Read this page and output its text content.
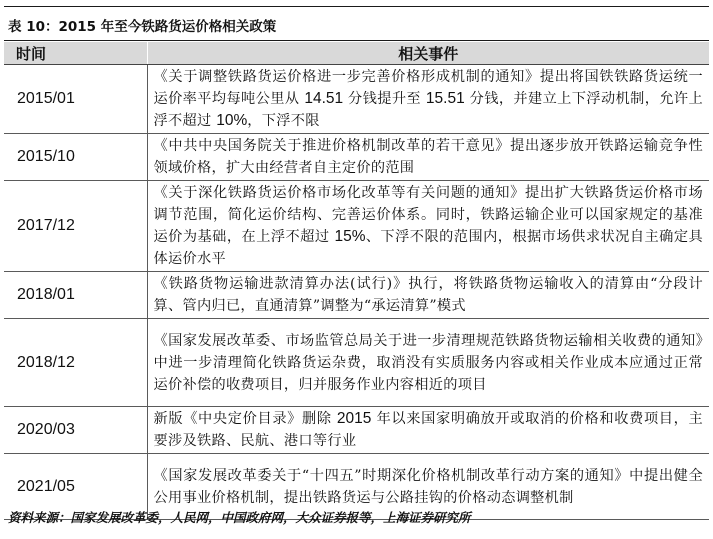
表 10：2015 年至今铁路货运价格相关政策
时间	相关事件
2015/01	《关于调整铁路货运价格进一步完善价格形成机制的通知》提出将国铁铁路货运统一运价率平均每吨公里从 14.51 分钱提升至 15.51 分钱，并建立上下浮动机制，允许上浮不超过 10%，下浮不限
2015/10	《中共中央国务院关于推进价格机制改革的若干意见》提出逐步放开铁路运输竞争性领域价格，扩大由经营者自主定价的范围
2017/12	《关于深化铁路货运价格市场化改革等有关问题的通知》提出扩大铁路货运价格市场调节范围，简化运价结构、完善运价体系。同时，铁路运输企业可以国家规定的基准运价为基础，在上浮不超过 15%、下浮不限的范围内，根据市场供求状况自主确定具体运价水平
2018/01	《铁路货物运输进款清算办法(试行)》执行，将铁路货物运输收入的清算由“分段计算、管内归已，直通清算”调整为“承运清算”模式
2018/12	《国家发展改革委、市场监管总局关于进一步清理规范铁路货物运输相关收费的通知》中进一步清理简化铁路货运杂费，取消没有实质服务内容或相关作业成本应通过正常运价补偿的收费项目，归并服务作业内容相近的项目
2020/03	新版《中央定价目录》删除 2015 年以来国家明确放开或取消的价格和收费项目，主要涉及铁路、民航、港口等行业
2021/05	《国家发展改革委关于“十四五”时期深化价格机制改革行动方案的通知》中提出健全公用事业价格机制，提出铁路货运与公路挂钩的价格动态调整机制
资料来源：国家发展改革委，人民网，中国政府网，大众证券报等，上海证券研究所
